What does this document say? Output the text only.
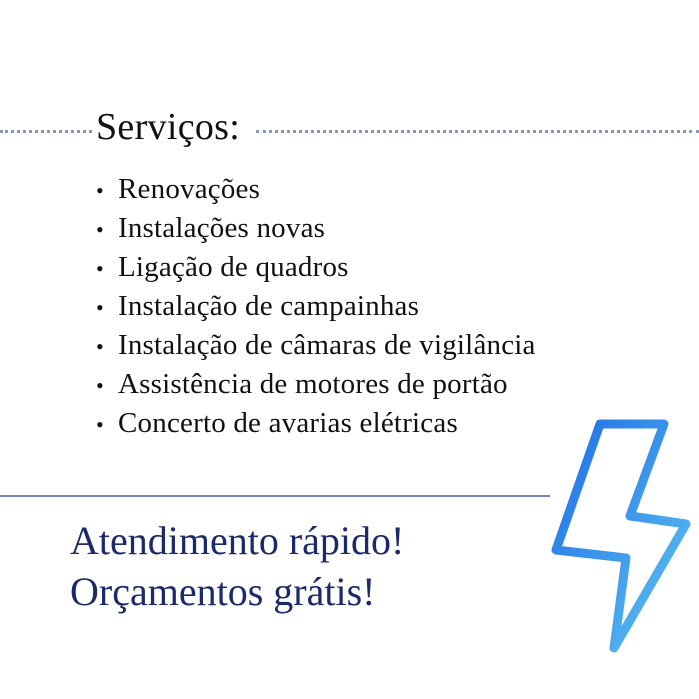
Serviços:
• Renovações
• Instalações novas
• Ligação de quadros
• Instalação de campainhas
• Instalação de câmaras de vigilância
• Assistência de motores de portão
• Concerto de avarias elétricas

Atendimento rápido!

Orçamentos grátis!
